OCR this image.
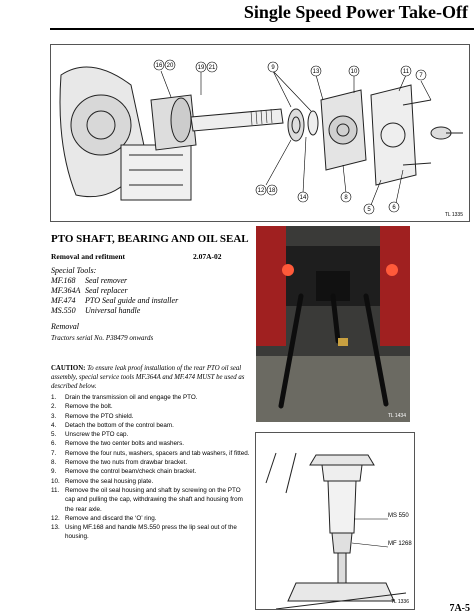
Single Speed Power Take-Off
16 20	19 21	9
13	10	11
12 18
14	8
5	6
7
TL 1335
TL 1434
MS 550
MF 1268
TL 1336
PTO SHAFT, BEARING AND OIL SEAL
Removal and refitment	2.07A-02
Special Tools:
MF.168 Seal remover
MF.364A Seal replacer
MF.474 PTO Seal guide and installer
MS.550 Universal handle
Removal
Tractors serial No. P38479 onwards
CAUTION: To ensure leak proof installation of the rear PTO oil seal assembly, special service tools MF.364A and MF.474 MUST be used as described below.
1. Drain the transmission oil and engage the PTO.
2. Remove the bolt.
3. Remove the PTO shield.
4. Detach the bottom of the control beam.
5. Unscrew the PTO cap.
6. Remove the two center bolts and washers.
7. Remove the four nuts, washers, spacers and tab washers, if fitted.
8. Remove the two nuts from drawbar bracket.
9. Remove the control beam/check chain bracket.
10. Remove the seal housing plate.
11. Remove the oil seal housing and shaft by screwing on the PTO cap and pulling the cap, withdrawing the shaft and housing from the rear axle.
12. Remove and discard the ‘O’ ring.
13. Using MF.168 and handle MS.550 press the lip seal out of the housing.
7A-5
